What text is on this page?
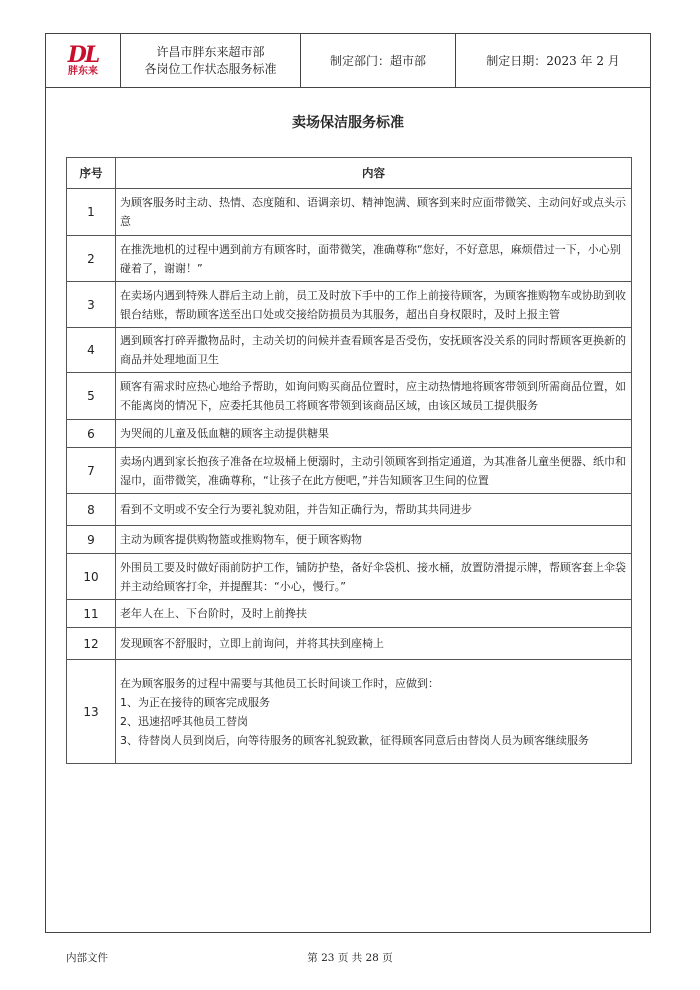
DL
胖东来
许昌市胖东来超市部
各岗位工作状态服务标准
制定部门：超市部	制定日期：2023 年 2 月
卖场保洁服务标准
序号	内容
1	为顾客服务时主动、热情、态度随和、语调亲切、精神饱满、顾客到来时应面带微笑、主动问好或点头示意
2	在推洗地机的过程中遇到前方有顾客时，面带微笑，准确尊称“您好，不好意思，麻烦借过一下，小心别碰着了，谢谢！”
3	在卖场内遇到特殊人群后主动上前，员工及时放下手中的工作上前接待顾客，为顾客推购物车或协助到收银台结账，帮助顾客送至出口处或交接给防损员为其服务，超出自身权限时，及时上报主管
4	遇到顾客打碎弄撒物品时，主动关切的问候并查看顾客是否受伤，安抚顾客没关系的同时帮顾客更换新的商品并处理地面卫生
5	顾客有需求时应热心地给予帮助，如询问购买商品位置时，应主动热情地将顾客带领到所需商品位置，如不能离岗的情况下，应委托其他员工将顾客带领到该商品区域，由该区域员工提供服务
6	为哭闹的儿童及低血糖的顾客主动提供糖果
7	卖场内遇到家长抱孩子准备在垃圾桶上便溺时，主动引领顾客到指定通道，为其准备儿童坐便器、纸巾和湿巾，面带微笑，准确尊称，“让孩子在此方便吧，”并告知顾客卫生间的位置
8	看到不文明或不安全行为要礼貌劝阻，并告知正确行为，帮助其共同进步
9	主动为顾客提供购物篮或推购物车，便于顾客购物
10	外围员工要及时做好雨前防护工作，铺防护垫，备好伞袋机、接水桶，放置防滑提示牌，帮顾客套上伞袋并主动给顾客打伞，并提醒其：“小心，慢行。”
11	老年人在上、下台阶时，及时上前搀扶
12	发现顾客不舒服时，立即上前询问，并将其扶到座椅上
13	在为顾客服务的过程中需要与其他员工长时间谈工作时，应做到：
1、为正在接待的顾客完成服务
2、迅速招呼其他员工替岗
3、待替岗人员到岗后，向等待服务的顾客礼貌致歉，征得顾客同意后由替岗人员为顾客继续服务
内部文件	第 23 页 共 28 页
